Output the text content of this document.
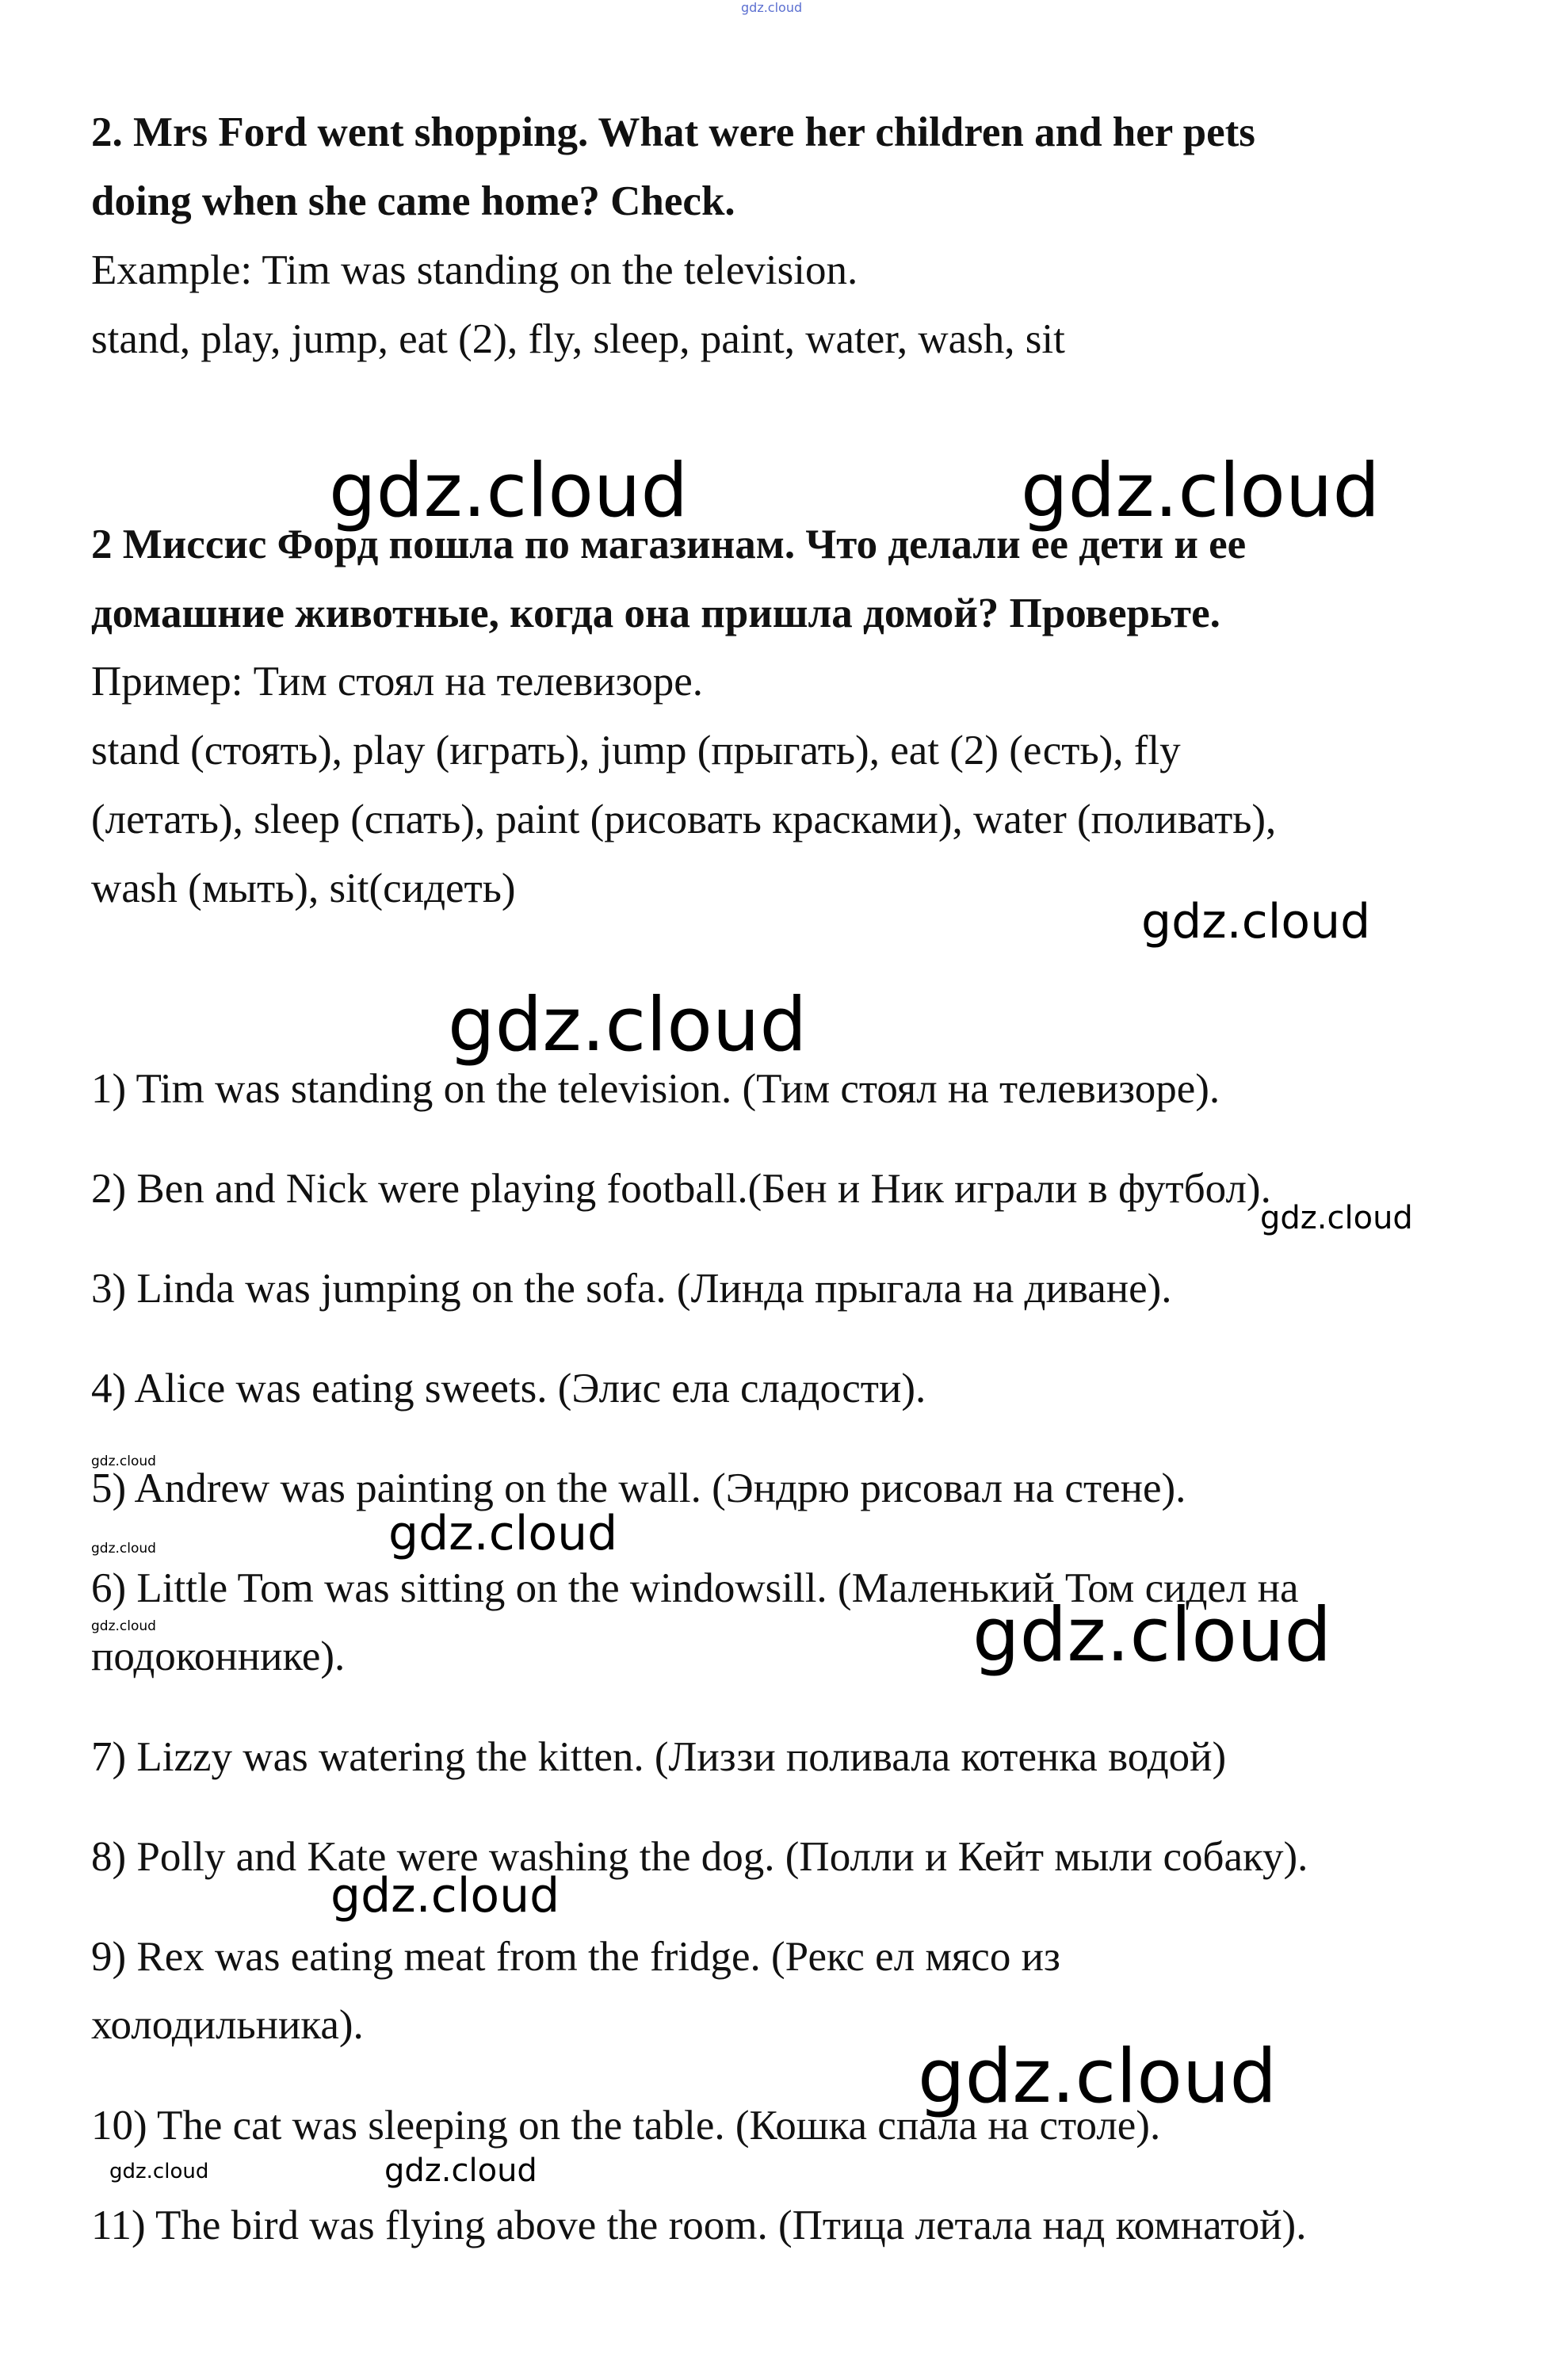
gdz.cloud
2. Mrs Ford went shopping. What were her children and her pets
doing when she came home? Check.
Example: Tim was standing on the television.
stand, play, jump, eat (2), fly, sleep, paint, water, wash, sit
2 Миссис Форд пошла по магазинам. Что делали ее дети и ее
домашние животные, когда она пришла домой? Проверьте.
Пример: Тим стоял на телевизоре.
stand (стоять), play (играть), jump (прыгать), eat (2) (есть), fly
(летать), sleep (спать), paint (рисовать красками), water (поливать),
wash (мыть), sit(сидеть)
1) Tim was standing on the television. (Тим стоял на телевизоре).
2) Ben and Nick were playing football.(Бен и Ник играли в футбол).
3) Linda was jumping on the sofa. (Линда прыгала на диване).
4) Alice was eating sweets. (Элис ела сладости).
5) Andrew was painting on the wall. (Эндрю рисовал на стене).
6) Little Tom was sitting on the windowsill. (Маленький Том сидел на
подоконнике).
7) Lizzy was watering the kitten. (Лиззи поливала котенка водой)
8) Polly and Kate were washing the dog. (Полли и Кейт мыли собаку).
9) Rex was eating meat from the fridge. (Рекс ел мясо из
холодильника).
10) The cat was sleeping on the table. (Кошка спала на столе).
11) The bird was flying above the room. (Птица летала над комнатой).
gdz.cloud	gdz.cloud
gdz.cloud
gdz.cloud
gdz.cloud
gdz.cloud
gdz.cloud
gdz.cloud
gdz.cloud	gdz.cloud
gdz.cloud
gdz.cloud
gdz.cloud	gdz.cloud
